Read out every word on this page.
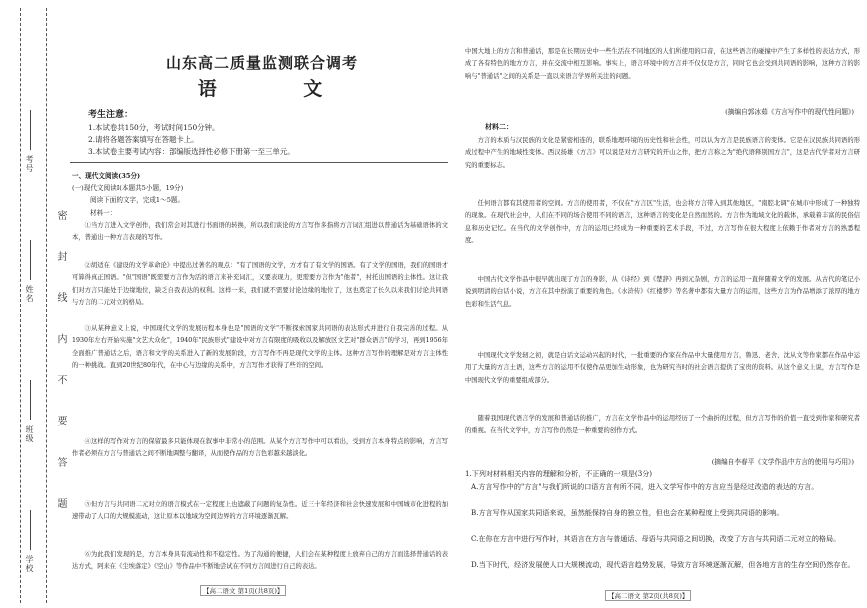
考号
姓名
班级
学校
密 封 线 内 不 要 答 题
山东高二质量监测联合调考
语 文
考生注意：
1.本试卷共150分，考试时间150分钟。
2.请将各题答案填写在答题卡上。
3.本试卷主要考试内容：部编版选择性必修下册第一至三单元。
一、现代文阅读(35分)
(一)现代文阅读Ⅰ(本题共5小题，19分)
阅读下面的文字，完成1～5题。
材料一：
①当方言进入文学创作，我们常会对其进行书面语的转换，所以我们谈论的方言写作多指将方言词汇组进以普通话为基础语体的文本，普通出一种方言表现的写作。
②胡适在《建设的文学革命论》中提出过著名的观点："有了国语的文学，方才有了有文学的国语。有了文学的国语，我们的国语才可算得真正国语。"但"国语"既需要方言作为活的语言来补充词汇，又要表现力，更需要方言作为"他者"，衬托出国语的主体性。这让我们对方言只能处于边缘地位，缺乏自我表达的权利。这样一来，我们就不需要讨论边缘的地位了，这也奠定了长久以来我们讨论共同语与方言的二元对立的格局。
③从某种意义上说，中国现代文学的发展历程本身也是"国语的文学"不断探索国家共同语的表达形式并进行自我完善的过程。从1930年左右开始实施"文艺大众化"，1940年"民族形式"建设中对方言有限度的吸收以及解放区文艺对"群众语言"的学习，再到1956年全面推广普通话之后，语言和文学的关系进入了新的发展阶段，方言写作不再是现代文学的主体。这种方言写作的理解是对方言主体性的一种挑战。直到20世纪80年代，在中心与边缘的关系中，方言写作才获得了些许的空间。
④这样的写作对方言的保留最多只能体现在叙事中非常小的范围。从某个方言写作中可以看出，受到方言本身特点的影响，方言写作者必须在方言与普通话之间不断地调整与翻译，从而使作品的方言色彩越来越淡化。
⑤但方言与共同语二元对立的语言模式在一定程度上也遮蔽了问题的复杂性。近三十年经济和社会快速发展和中国城市化进程的加速带动了人口的大规模流动，这让原本以地域为空间边界的方言环境逐渐瓦解。
⑥为此我们发现的是，方言本身具有流动性和不稳定性。为了沟通的便捷，人们会在某种程度上放弃自己的方言而选择普通话的表达方式，阿来在《尘埃落定》《空山》等作品中不断地尝试在不同方言间进行自己的表达。
【高二语文 第1页(共8页)】
中国大地上的方言和普通话，那是在长期历史中一些生活在不同地区的人们所使用的口音，在这些语言的碰撞中产生了多样性的表达方式，形成了各有特色的地方方言，并在交流中相互影响。事实上，语言环境中的方言并不仅仅是方言，同时它也会受到共同语的影响，这种方言的影响与"普通话"之间的关系是一直以来语言学界所关注的问题。
(摘编自郭冰茹《方言写作中的现代性问题》)
材料二：
方言的本质与汉民族的文化是紧密相连的，联系地理环境的历史性和社会性，可以认为方言是民族语言的变体。它是在汉民族共同语的形成过程中产生的地域性变体。西汉扬雄《方言》可以说是对方言研究的开山之作，把方言称之为"绝代语释别国方言"，这是古代学者对方言研究的重要标志。
任何语言都有其使用者的空间。方言的使用者，不仅在"方言区"生活，也会将方言带入到其他地区，"南腔北调"在城市中形成了一种独特的现象。在现代社会中，人们在不同的场合使用不同的语言，这种语言的变化是自然而然的。方言作为地域文化的载体，承载着丰富的民俗信息和历史记忆。在当代的文学创作中，方言的运用已经成为一种重要的艺术手段，不过，方言写作在很大程度上依赖于作者对方言的熟悉程度。
中国古代文学作品中很早就出现了方言的身影，从《诗经》到《楚辞》再到元杂剧，方言的运用一直伴随着文学的发展。从古代的笔记小说到明清的白话小说，方言在其中扮演了重要的角色。《水浒传》《红楼梦》等名著中都有大量方言的运用，这些方言为作品增添了浓厚的地方色彩和生活气息。
中国现代文学发轫之初，就是白话文运动兴起的时代，一批重要的作家在作品中大量使用方言，鲁迅、老舍、沈从文等作家都在作品中运用了大量的方言土语，这些方言的运用不仅使作品更加生动形象，也为研究当时的社会语言提供了宝贵的资料。从这个意义上说，方言写作是中国现代文学的重要组成部分。
随着我国现代语言学的发展和普通话的推广，方言在文学作品中的运用经历了一个曲折的过程，但方言写作的价值一直受到作家和研究者的重视。在当代文学中，方言写作仍然是一种重要的创作方式。
(摘编自李春平《文学作品中方言的使用与巧用》)
1.下列对材料相关内容的理解和分析，不正确的一项是(3分)
A.方言写作中的"方言"与我们所说的口语方言有所不同，进入文学写作中的方言应当是经过改造的表达的方言。
B.方言写作从国家共同语来说，虽然能保持自身的独立性，但也会在某种程度上受到共同语的影响。
C.在你在方言中进行写作时，其语言在方言与普通话、母语与共同语之间切换，改变了方言与共同语二元对立的格局。
D.当下时代，经济发展使人口大规模流动，现代语言趋势发展，导致方言环境逐渐瓦解，但各地方言的生存空间仍然存在。
【高二语文 第2页(共8页)】
